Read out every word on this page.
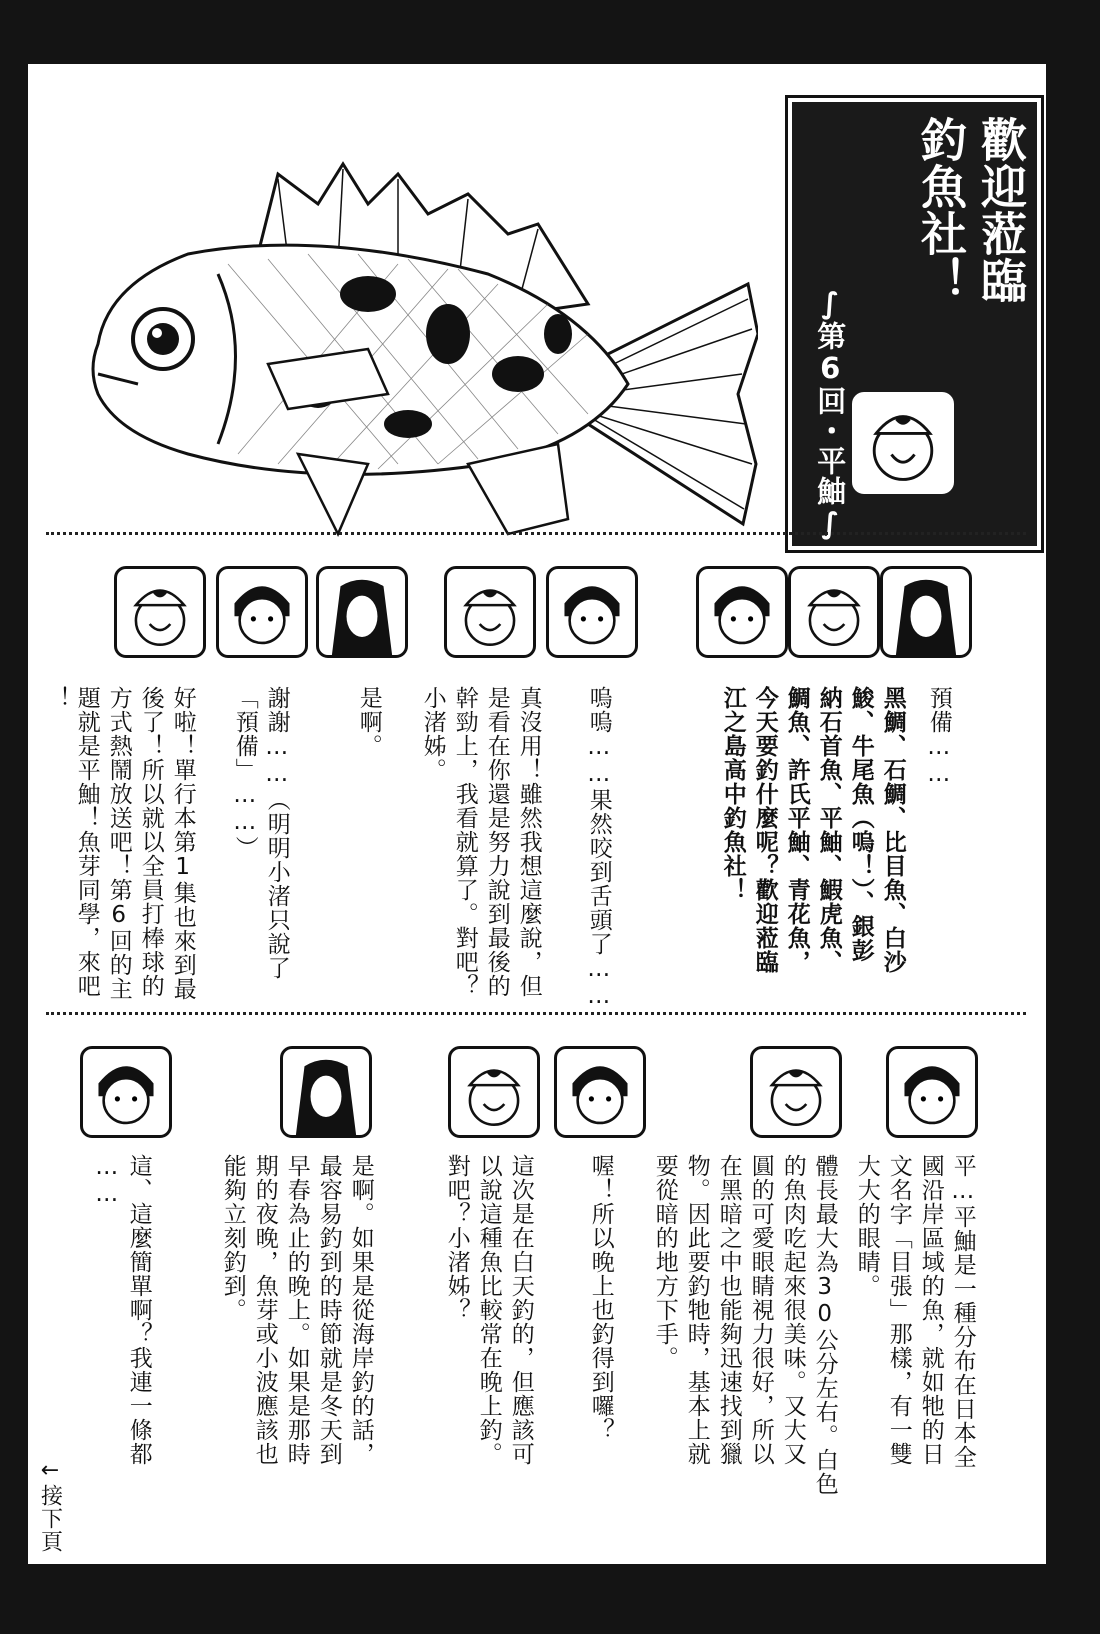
歡迎蒞臨
釣魚社！
∫第6回・平鮋∫
預備……
黑鯛、石鯛、比目魚、白沙
鮻、牛尾魚（嗚！）、銀彭
納石首魚、平鮋、鰕虎魚、
鯛魚、許氏平鮋、青花魚，
今天要釣什麼呢？歡迎蒞臨
江之島高中釣魚社！
嗚嗚……果然咬到舌頭了……
真沒用！雖然我想這麼說，但
是看在你還是努力說到最後的
幹勁上，我看就算了。對吧？
小渚姊。
是啊。
謝謝……（明明小渚只說了
「預備」……）
好啦！單行本第1集也來到最
後了！所以就以全員打棒球的
方式熱鬧放送吧！第6回的主
題就是平鮋！魚芽同學，來吧
！
平…平鮋是一種分布在日本全
國沿岸區域的魚，就如牠的日
文名字「目張」那樣，有一雙
大大的眼睛。
體長最大為30公分左右。白色
的魚肉吃起來很美味。又大又
圓的可愛眼睛視力很好，所以
在黑暗之中也能夠迅速找到獵
物。因此要釣牠時，基本上就
要從暗的地方下手。
喔！所以晚上也釣得到囉？
這次是在白天釣的，但應該可
以說這種魚比較常在晚上釣。
對吧？小渚姊？
是啊。如果是從海岸釣的話，
最容易釣到的時節就是冬天到
早春為止的晚上。如果是那時
期的夜晚，魚芽或小波應該也
能夠立刻釣到。
這、這麼簡單啊？我連一條都
……
←接下頁
